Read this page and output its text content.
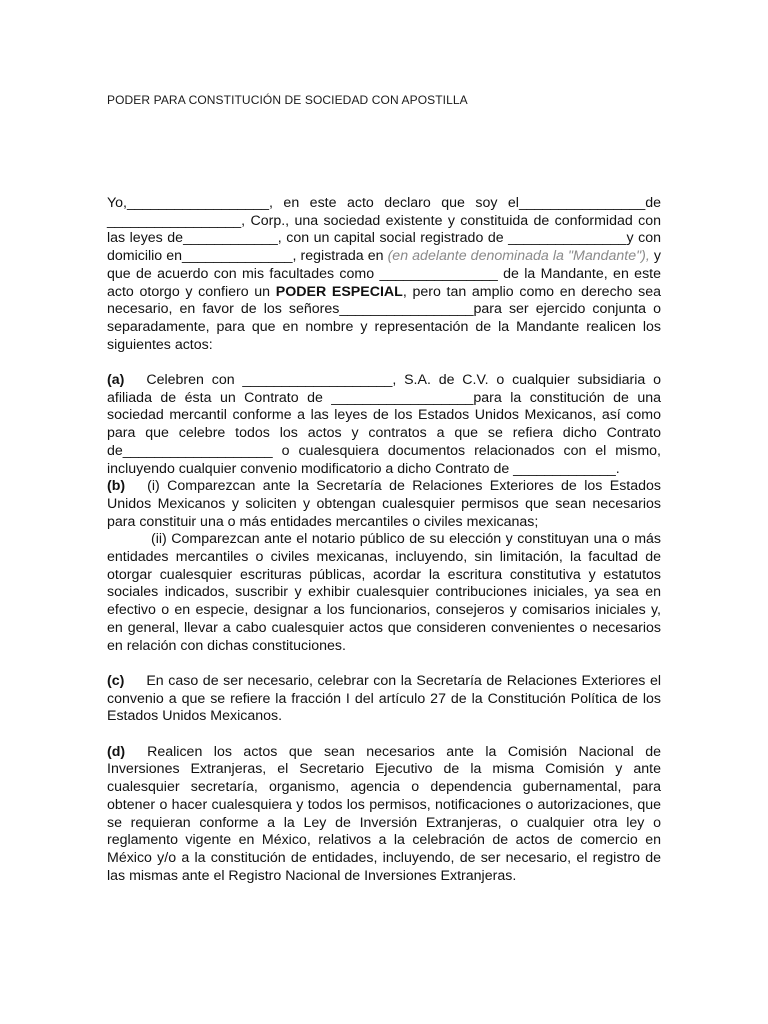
PODER PARA CONSTITUCIÓN DE SOCIEDAD CON APOSTILLA

Yo,__________________, en este acto declaro que soy el________________de _________________, Corp., una sociedad existente y constituida de conformidad con las leyes de____________, con un capital social registrado de _______________y con domicilio en______________, registrada en (en adelante denominada la "Mandante"), y que de acuerdo con mis facultades como _______________ de la Mandante, en este acto otorgo y confiero un PODER ESPECIAL, pero tan amplio como en derecho sea necesario, en favor de los señores_________________para ser ejercido conjunta o separadamente, para que en nombre y representación de la Mandante realicen los siguientes actos:

(a) Celebren con ___________________, S.A. de C.V. o cualquier subsidiaria o afiliada de ésta un Contrato de __________________para la constitución de una sociedad mercantil conforme a las leyes de los Estados Unidos Mexicanos, así como para que celebre todos los actos y contratos a que se refiera dicho Contrato de___________________ o cualesquiera documentos relacionados con el mismo, incluyendo cualquier convenio modificatorio a dicho Contrato de _____________.

(b) (i) Comparezcan ante la Secretaría de Relaciones Exteriores de los Estados Unidos Mexicanos y soliciten y obtengan cualesquier permisos que sean necesarios para constituir una o más entidades mercantiles o civiles mexicanas;

(ii) Comparezcan ante el notario público de su elección y constituyan una o más entidades mercantiles o civiles mexicanas, incluyendo, sin limitación, la facultad de otorgar cualesquier escrituras públicas, acordar la escritura constitutiva y estatutos sociales indicados, suscribir y exhibir cualesquier contribuciones iniciales, ya sea en efectivo o en especie, designar a los funcionarios, consejeros y comisarios iniciales y, en general, llevar a cabo cualesquier actos que consideren convenientes o necesarios en relación con dichas constituciones.

(c) En caso de ser necesario, celebrar con la Secretaría de Relaciones Exteriores el convenio a que se refiere la fracción I del artículo 27 de la Constitución Política de los Estados Unidos Mexicanos.

(d) Realicen los actos que sean necesarios ante la Comisión Nacional de Inversiones Extranjeras, el Secretario Ejecutivo de la misma Comisión y ante cualesquier secretaría, organismo, agencia o dependencia gubernamental, para obtener o hacer cualesquiera y todos los permisos, notificaciones o autorizaciones, que se requieran conforme a la Ley de Inversión Extranjeras, o cualquier otra ley o reglamento vigente en México, relativos a la celebración de actos de comercio en México y/o a la constitución de entidades, incluyendo, de ser necesario, el registro de las mismas ante el Registro Nacional de Inversiones Extranjeras.
